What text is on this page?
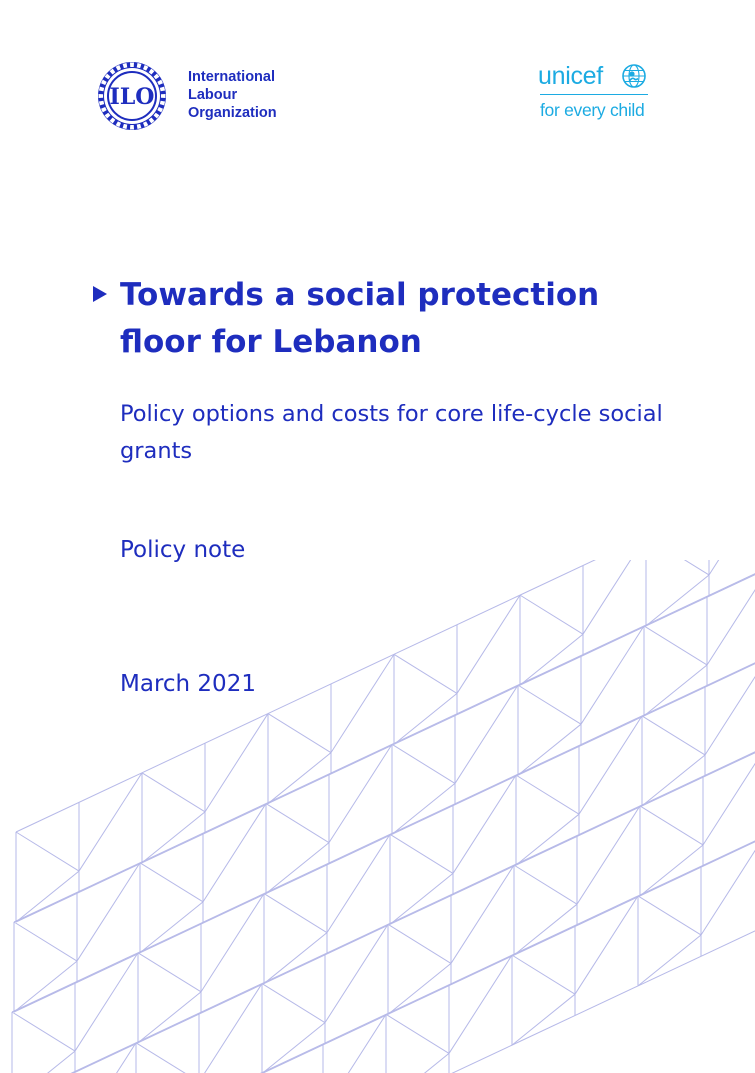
ILO
International
Labour
Organization
unicef
for every child
Towards a social protection floor for Lebanon

Policy options and costs for core life-cycle social grants

Policy note

March 2021
